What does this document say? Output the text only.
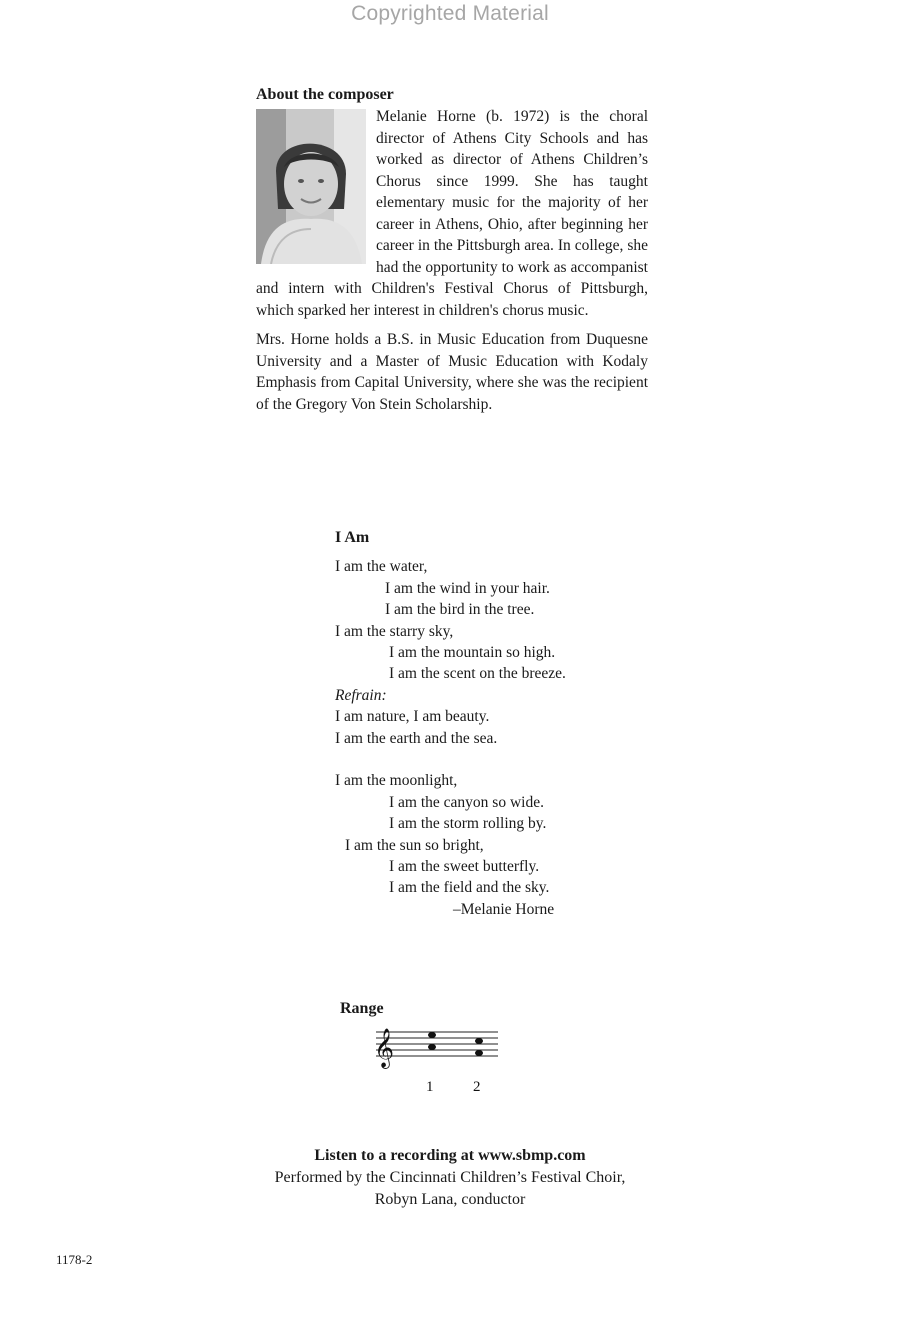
Copyrighted Material
About the composer

Melanie Horne (b. 1972) is the choral director of Athens City Schools and has worked as director of Athens Children’s Chorus since 1999. She has taught elementary music for the majority of her career in Athens, Ohio, after beginning her career in the Pittsburgh area. In college, she had the opportunity to work as accompanist and intern with Children's Festival Chorus of Pittsburgh, which sparked her interest in children's chorus music.

Mrs. Horne holds a B.S. in Music Education from Duquesne University and a Master of Music Education with Kodaly Emphasis from Capital University, where she was the recipient of the Gregory Von Stein Scholarship.

I Am
I am the water,
I am the wind in your hair.
I am the bird in the tree.
I am the starry sky,
I am the mountain so high.
I am the scent on the breeze.
Refrain:
I am nature, I am beauty.
I am the earth and the sea.
I am the moonlight,
I am the canyon so wide.
I am the storm rolling by.
I am the sun so bright,
I am the sweet butterfly.
I am the field and the sky.
–Melanie Horne
Range
𝄞
1	2
Listen to a recording at www.sbmp.com
Performed by the Cincinnati Children’s Festival Choir,
Robyn Lana, conductor
1178-2
